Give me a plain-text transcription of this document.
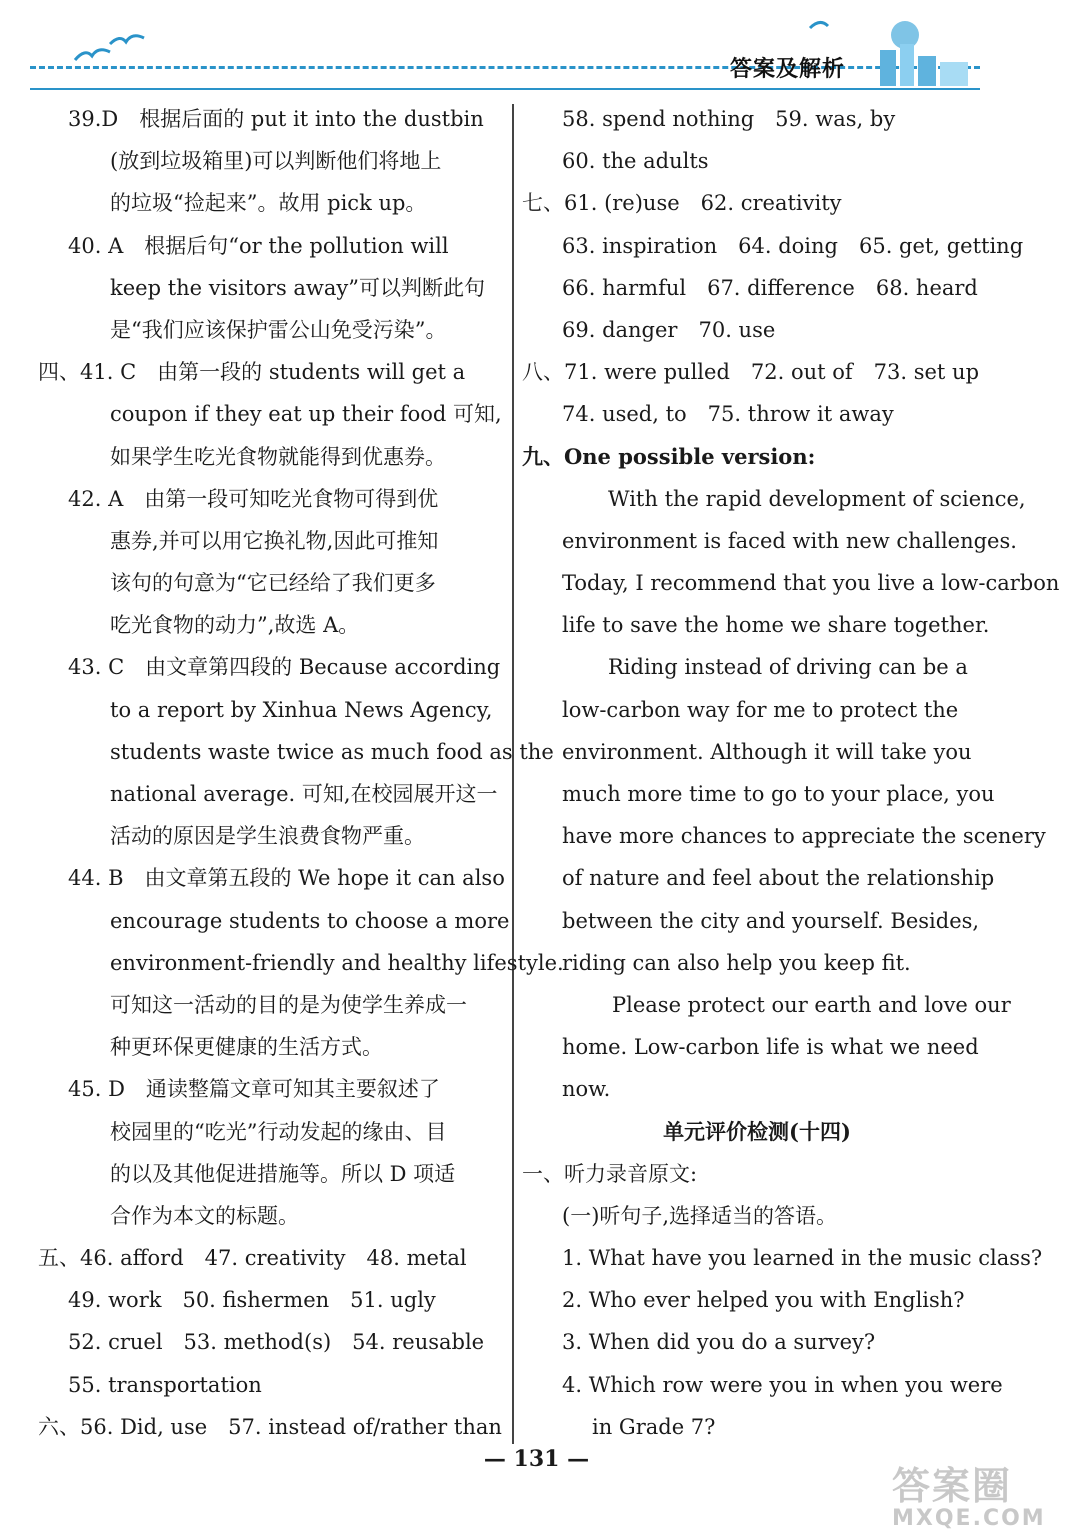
答案及解析
39.D　根据后面的 put it into the dustbin
(放到垃圾箱里)可以判断他们将地上
的垃圾“捡起来”。故用 pick up。
40. A　根据后句“or the pollution will
keep the visitors away”可以判断此句
是“我们应该保护雷公山免受污染”。
四、41. C　由第一段的 students will get a
coupon if they eat up their food 可知,
如果学生吃光食物就能得到优惠券。
42. A　由第一段可知吃光食物可得到优
惠券,并可以用它换礼物,因此可推知
该句的句意为“它已经给了我们更多
吃光食物的动力”,故选 A。
43. C　由文章第四段的 Because according
to a report by Xinhua News Agency,
students waste twice as much food as the
national average. 可知,在校园展开这一
活动的原因是学生浪费食物严重。
44. B　由文章第五段的 We hope it can also
encourage students to choose a more
environment-friendly and healthy lifestyle.
可知这一活动的目的是为使学生养成一
种更环保更健康的生活方式。
45. D　通读整篇文章可知其主要叙述了
校园里的“吃光”行动发起的缘由、目
的以及其他促进措施等。所以 D 项适
合作为本文的标题。
五、46. afford　47. creativity　48. metal
49. work　50. fishermen　51. ugly
52. cruel　53. method(s)　54. reusable
55. transportation
六、56. Did, use　57. instead of/rather than
58. spend nothing　59. was, by
60. the adults
七、61. (re)use　62. creativity
63. inspiration　64. doing　65. get, getting
66. harmful　67. difference　68. heard
69. danger　70. use
八、71. were pulled　72. out of　73. set up
74. used, to　75. throw it away
九、One possible version:
With the rapid development of science,
environment is faced with new challenges.
Today, I recommend that you live a low-carbon
life to save the home we share together.
Riding instead of driving can be a
low-carbon way for me to protect the
environment. Although it will take you
much more time to go to your place, you
have more chances to appreciate the scenery
of nature and feel about the relationship
between the city and yourself. Besides,
riding can also help you keep fit.
Please protect our earth and love our
home. Low-carbon life is what we need
now.
单元评价检测(十四)
一、听力录音原文:
(一)听句子,选择适当的答语。
1. What have you learned in the music class?
2. Who ever helped you with English?
3. When did you do a survey?
4. Which row were you in when you were
in Grade 7?
— 131 —
答案圈
MXQE.COM
